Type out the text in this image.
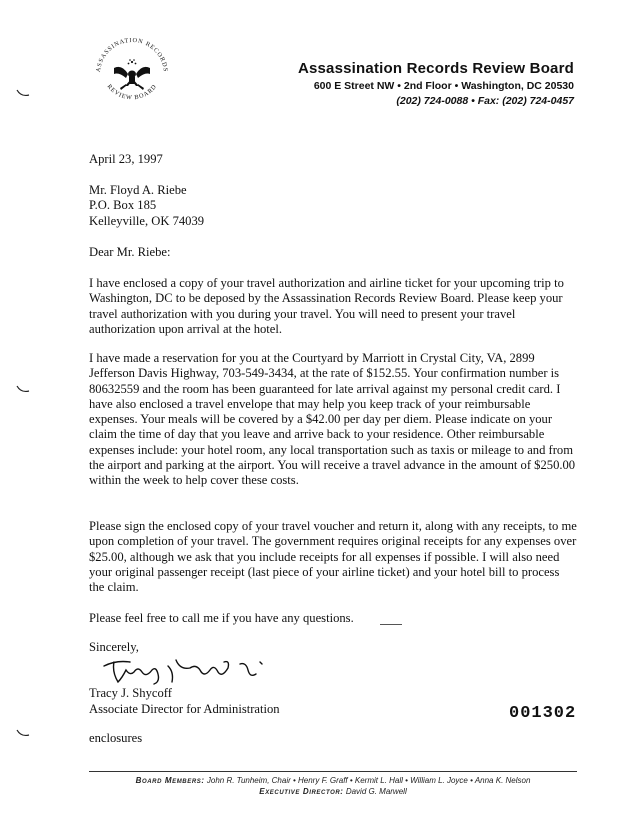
ASSASSINATION RECORDS
REVIEW BOARD
Assassination Records Review Board
600 E Street NW • 2nd Floor • Washington, DC 20530
(202) 724-0088 • Fax: (202) 724-0457
April 23, 1997
Mr. Floyd A. Riebe
P.O. Box 185
Kelleyville, OK 74039
Dear Mr. Riebe:
I have enclosed a copy of your travel authorization and airline ticket for your upcoming trip to Washington, DC to be deposed by the Assassination Records Review Board. Please keep your travel authorization with you during your travel. You will need to present your travel authorization upon arrival at the hotel.
I have made a reservation for you at the Courtyard by Marriott in Crystal City, VA, 2899 Jefferson Davis Highway, 703-549-3434, at the rate of $152.55. Your confirmation number is 80632559 and the room has been guaranteed for late arrival against my personal credit card. I have also enclosed a travel envelope that may help you keep track of your reimbursable expenses. Your meals will be covered by a $42.00 per day per diem. Please indicate on your claim the time of day that you leave and arrive back to your residence. Other reimbursable expenses include: your hotel room, any local transportation such as taxis or mileage to and from the airport and parking at the airport. You will receive a travel advance in the amount of $250.00 within the week to help cover these costs.
Please sign the enclosed copy of your travel voucher and return it, along with any receipts, to me upon completion of your travel. The government requires original receipts for any expenses over $25.00, although we ask that you include receipts for all expenses if possible. I will also need your original passenger receipt (last piece of your airline ticket) and your hotel bill to process the claim.
Please feel free to call me if you have any questions.
Sincerely,
Tracy J. Shycoff
Associate Director for Administration	001302
enclosures
Board Members: John R. Tunheim, Chair • Henry F. Graff • Kermit L. Hall • William L. Joyce • Anna K. Nelson
Executive Director: David G. Marwell
